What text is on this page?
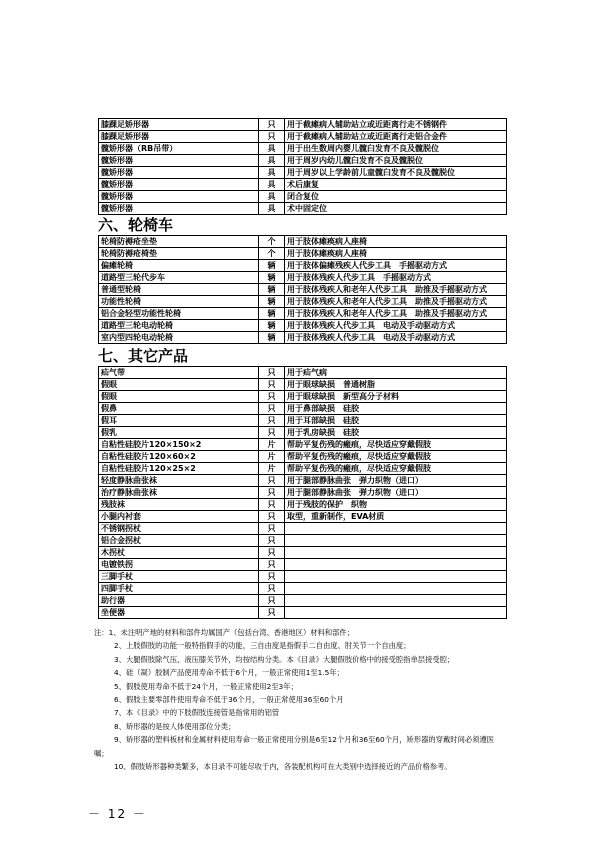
膝踝足矫形器	只	用于截瘫病人辅助站立或近距离行走不锈钢件
膝踝足矫形器	只	用于截瘫病人辅助站立或近距离行走铝合金件
髋矫形器（RB吊带）	具	用于出生数周内婴儿髋臼发育不良及髋脱位
髋矫形器	具	用于周岁内幼儿髋臼发育不良及髋脱位
髋矫形器	具	用于周岁以上学龄前儿童髋臼发育不良及髋脱位
髋矫形器	具	术后康复
髋矫形器	具	闭合复位
髋矫形器	具	术中固定位
六、轮椅车
轮椅防褥疮坐垫	个	用于肢体瘫痪病人座椅
轮椅防褥疮椅垫	个	用于肢体瘫痪病人座椅
偏瘫轮椅	辆	用于肢体偏瘫残疾人代步工具　手摇驱动方式
道路型三轮代步车	辆	用于肢体残疾人代步工具　手摇驱动方式
普通型轮椅	辆	用于肢体残疾人和老年人代步工具　助推及手摇驱动方式
功能性轮椅	辆	用于肢体残疾人和老年人代步工具　助推及手摇驱动方式
铝合金轻型功能性轮椅	辆	用于肢体残疾人和老年人代步工具　助推及手摇驱动方式
道路型三轮电动轮椅	辆	用于肢体残疾人代步工具　电动及手动驱动方式
室内型四轮电动轮椅	辆	用于肢体残疾人代步工具　电动及手动驱动方式
七、其它产品
疝气带	只	用于疝气病
假眼	只	用于眼球缺损　普通树脂
假眼	只	用于眼球缺损　新型高分子材料
假鼻	只	用于鼻部缺损　硅胶
假耳	只	用于耳部缺损　硅胶
假乳	只	用于乳房缺损　硅胶
自粘性硅胶片120×150×2	片	帮助平复伤残的瘢痕，尽快适应穿戴假肢
自粘性硅胶片120×60×2	片	帮助平复伤残的瘢痕，尽快适应穿戴假肢
自粘性硅胶片120×25×2	片	帮助平复伤残的瘢痕，尽快适应穿戴假肢
轻度静脉曲张袜	只	用于腿部静脉曲张　弹力织物（进口）
治疗静脉曲张袜	只	用于腿部静脉曲张　弹力织物（进口）
残肢袜	只	用于残肢的保护　织物
小腿内衬套	只	取型，重新制作，EVA材质
不锈钢拐杖	只	
铝合金拐杖	只	
木拐杖	只	
电镀铁拐	只	
三脚手杖	只	
四脚手杖	只	
助行器	只	
坐便器	只	
注：1、未注明产地的材料和部件均属国产（包括台湾、香港地区）材料和部件；
2、上肢假肢的功能一般特指假手的功能，三自由度是指假手二自由度、肘关节一个自由度；
3、大腿假肢除气压、液压膝关节外，均按结构分类。本《目录》大腿假肢价格中的接受腔指单层接受腔；
4、硅（凝）胶制产品使用寿命不低于6个月，一般正常使用1至1.5年；
5、假肢使用寿命不低于24个月，一般正常使用2至3年；
6、假肢主要零部件使用寿命不低于36个月，一般正常使用36至60个月
7、本《目录》中的下肢假肢连接管是指常用的铝管
8、矫形器的是按人体使用部位分类；
9、矫形器的塑料板材和金属材料使用寿命一般正常使用分别是6至12个月和36至60个月，矫形器的穿戴时间必须遵医
嘱；
10、假肢矫形器种类繁多，本目录不可能尽收于内，各装配机构可在大类别中选择接近的产品价格参考。
－ 12 －
